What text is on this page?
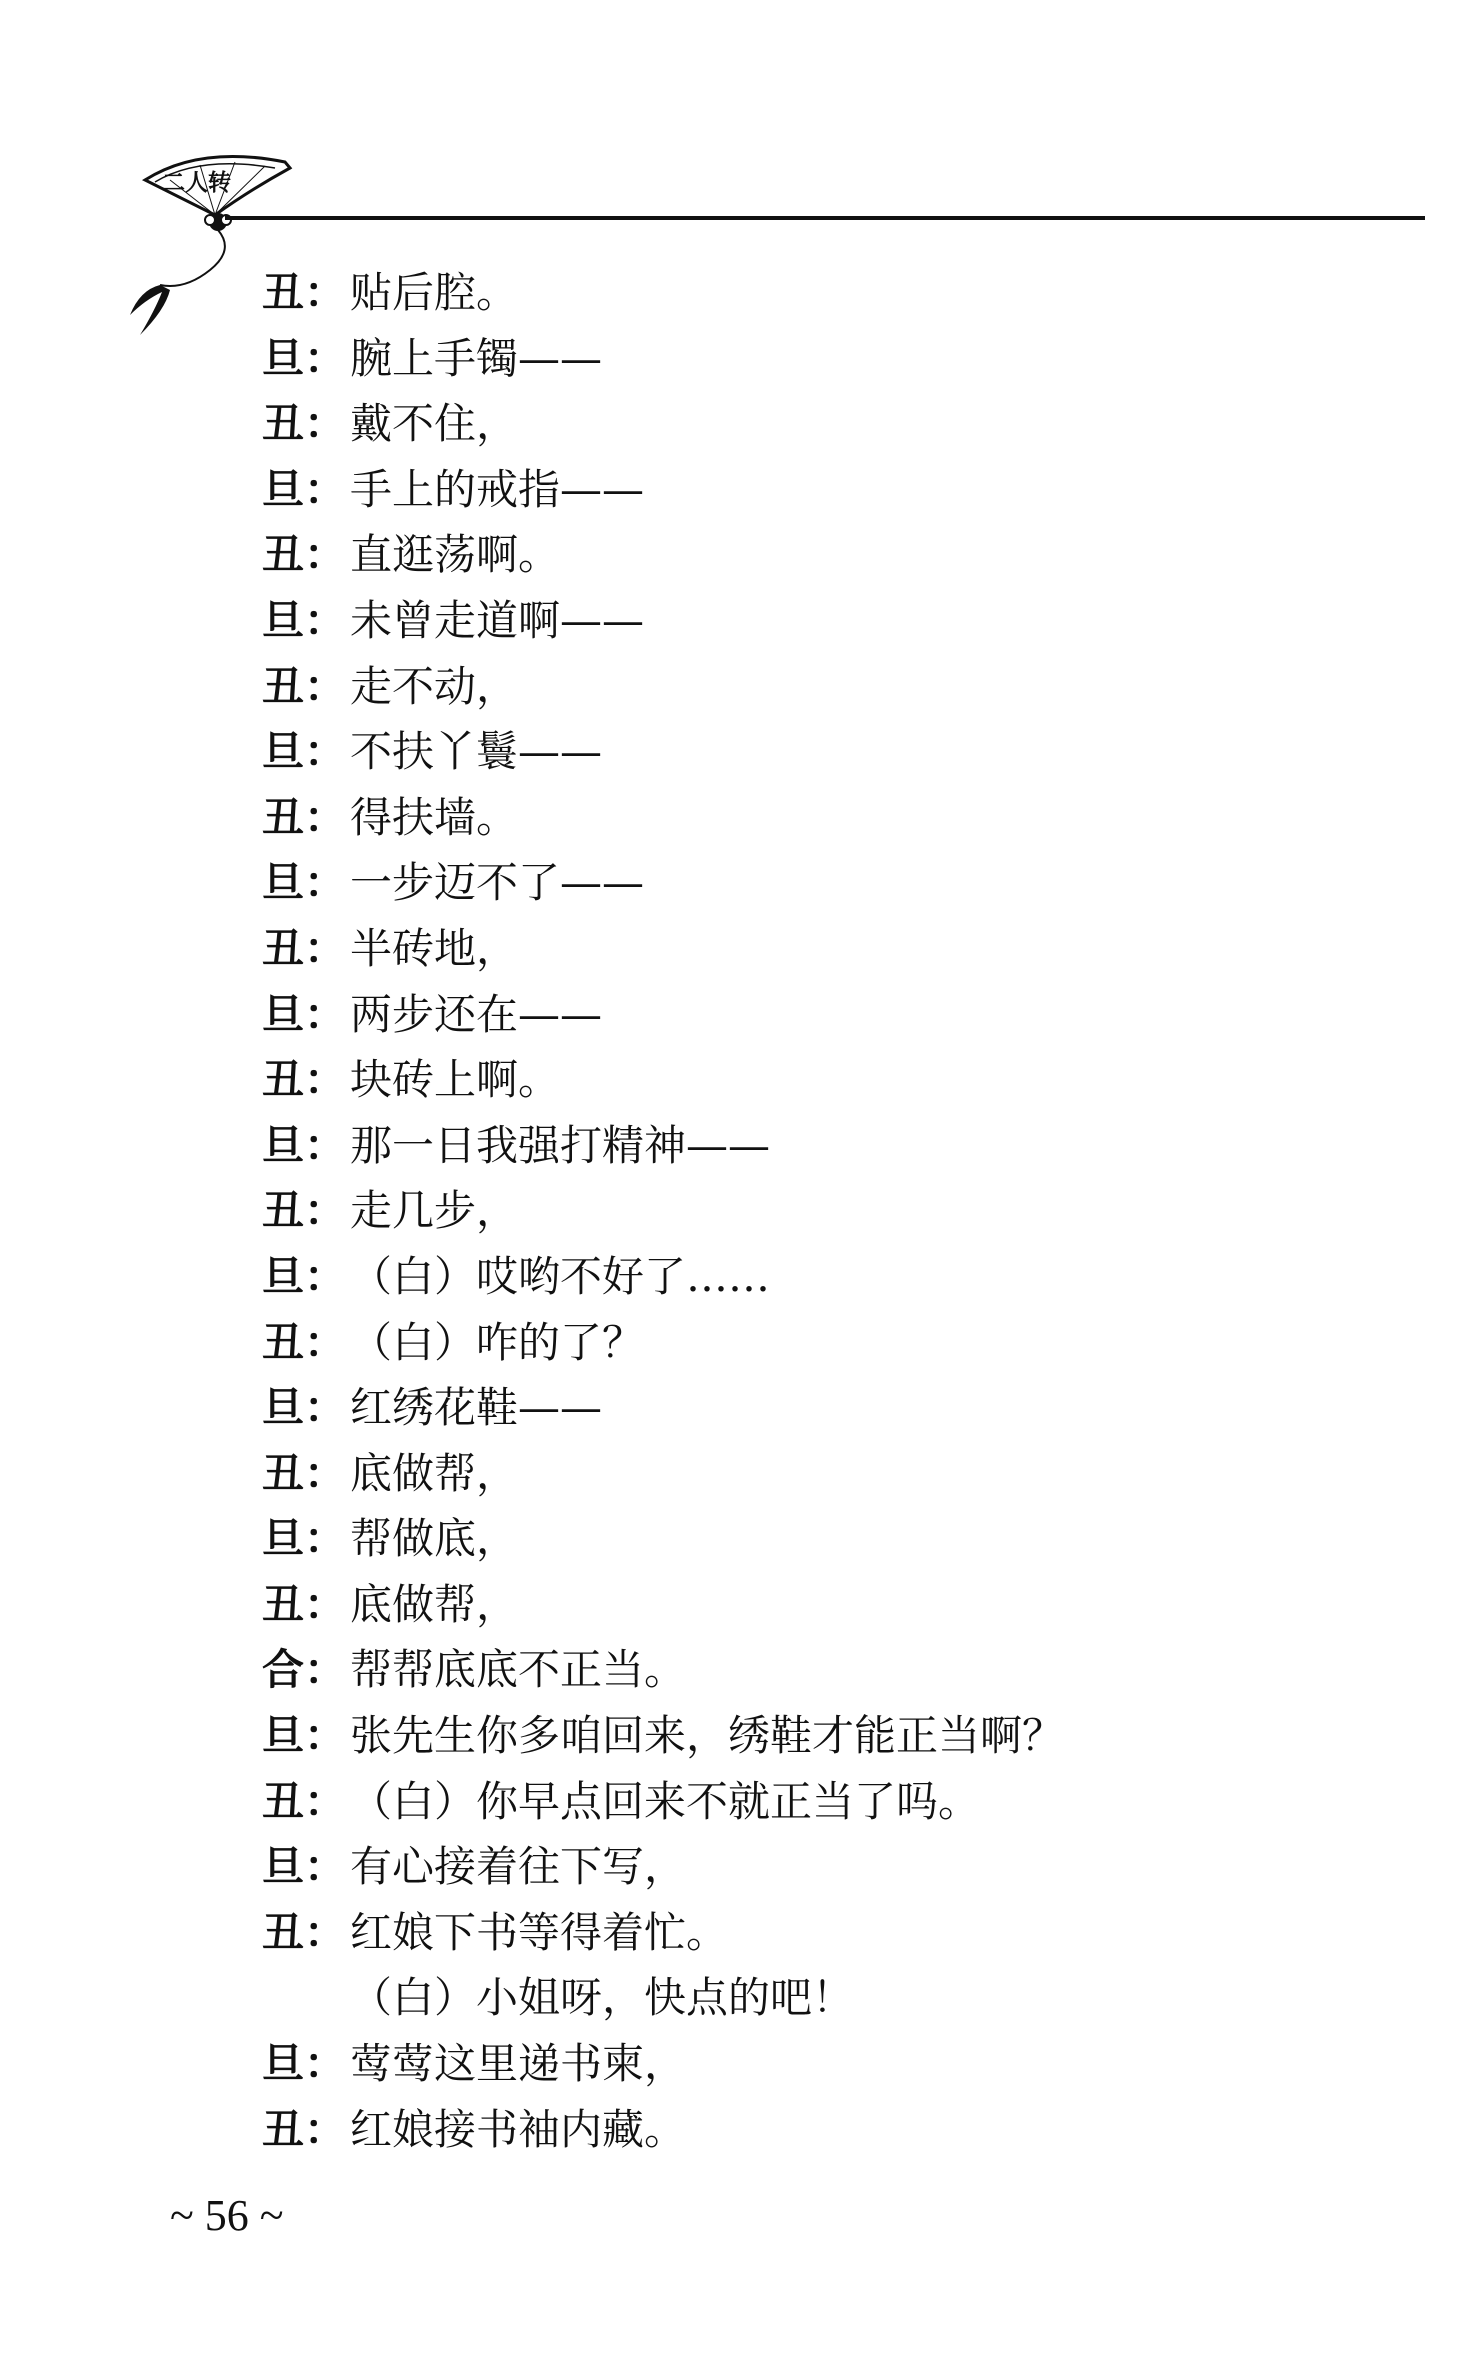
二人转
丑： 贴后腔。
旦： 腕上手镯——
丑： 戴不住，
旦： 手上的戒指——
丑： 直逛荡啊。
旦： 未曾走道啊——
丑： 走不动，
旦： 不扶丫鬟——
丑： 得扶墙。
旦： 一步迈不了——
丑： 半砖地，
旦： 两步还在——
丑： 块砖上啊。
旦： 那一日我强打精神——
丑： 走几步，
旦： （白）哎哟不好了……
丑： （白）咋的了？
旦： 红绣花鞋——
丑： 底做帮，
旦： 帮做底，
丑： 底做帮，
合： 帮帮底底不正当。
旦： 张先生你多咱回来，绣鞋才能正当啊？
丑： （白）你早点回来不就正当了吗。
旦： 有心接着往下写，
丑： 红娘下书等得着忙。
（白）小姐呀，快点的吧！
旦： 莺莺这里递书柬，
丑： 红娘接书袖内藏。
~ 56 ~
